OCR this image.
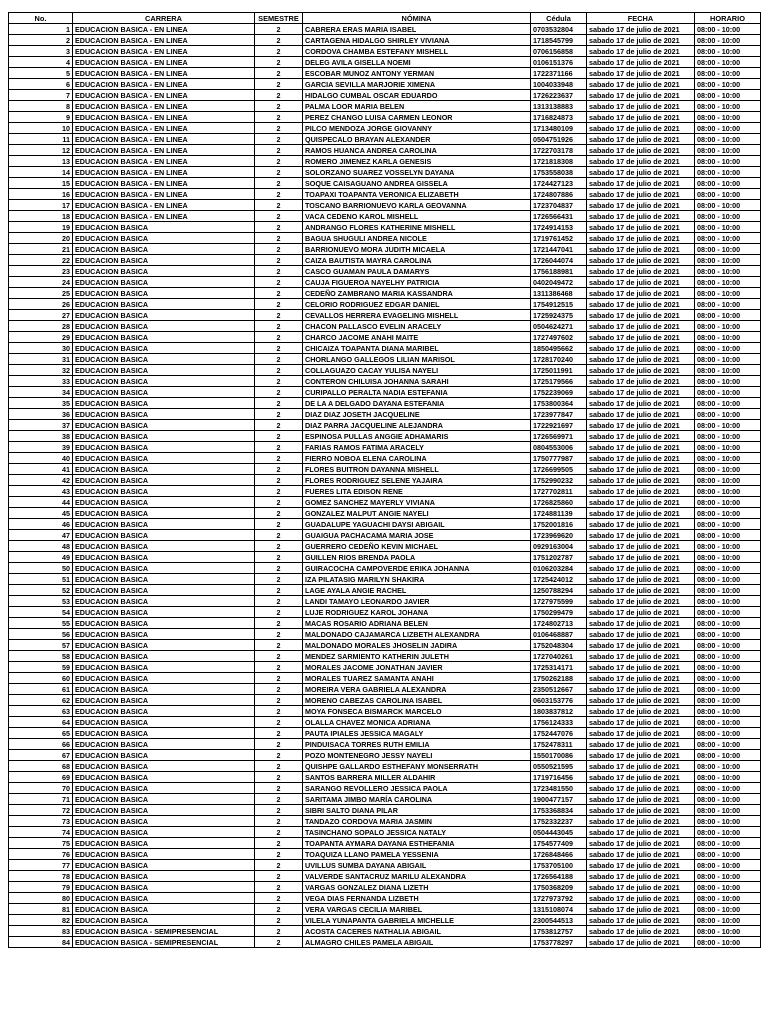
No.	CARRERA	SEMESTRE	NÓMINA	Cédula	FECHA	HORARIO
1	EDUCACION BASICA - EN LINEA	2	CABRERA ERAS MARIA ISABEL	0703532804	sabado 17 de julio de 2021	08:00 - 10:00
2	EDUCACION BASICA - EN LINEA	2	CARTAGENA HIDALGO SHIRLEY VIVIANA	1718545799	sabado 17 de julio de 2021	08:00 - 10:00
3	EDUCACION BASICA - EN LINEA	2	CORDOVA CHAMBA ESTEFANY MISHELL	0706156858	sabado 17 de julio de 2021	08:00 - 10:00
4	EDUCACION BASICA - EN LINEA	2	DELEG AVILA GISELLA NOEMI	0106151376	sabado 17 de julio de 2021	08:00 - 10:00
5	EDUCACION BASICA - EN LINEA	2	ESCOBAR MUNOZ ANTONY YERMAN	1722371166	sabado 17 de julio de 2021	08:00 - 10:00
6	EDUCACION BASICA - EN LINEA	2	GARCIA SEVILLA MARJORIE XIMENA	1004033948	sabado 17 de julio de 2021	08:00 - 10:00
7	EDUCACION BASICA - EN LINEA	2	HIDALGO CUMBAL OSCAR EDUARDO	1726223637	sabado 17 de julio de 2021	08:00 - 10:00
8	EDUCACION BASICA - EN LINEA	2	PALMA LOOR MARIA BELEN	1313138883	sabado 17 de julio de 2021	08:00 - 10:00
9	EDUCACION BASICA - EN LINEA	2	PEREZ CHANGO LUISA CARMEN LEONOR	1716824873	sabado 17 de julio de 2021	08:00 - 10:00
10	EDUCACION BASICA - EN LINEA	2	PILCO MENDOZA JORGE GIOVANNY	1713480109	sabado 17 de julio de 2021	08:00 - 10:00
11	EDUCACION BASICA - EN LINEA	2	QUISPECALO BRAYAN ALEXANDER	0504751926	sabado 17 de julio de 2021	08:00 - 10:00
12	EDUCACION BASICA - EN LINEA	2	RAMOS HUANCA ANDREA CAROLINA	1722703178	sabado 17 de julio de 2021	08:00 - 10:00
13	EDUCACION BASICA - EN LINEA	2	ROMERO JIMENEZ KARLA GENESIS	1721818308	sabado 17 de julio de 2021	08:00 - 10:00
14	EDUCACION BASICA - EN LINEA	2	SOLORZANO SUAREZ VOSSELYN DAYANA	1753558038	sabado 17 de julio de 2021	08:00 - 10:00
15	EDUCACION BASICA - EN LINEA	2	SOQUE CAISAGUANO ANDREA GISSELA	1724427123	sabado 17 de julio de 2021	08:00 - 10:00
16	EDUCACION BASICA - EN LINEA	2	TOAPAXI TOAPANTA VERONICA ELIZABETH	1724807886	sabado 17 de julio de 2021	08:00 - 10:00
17	EDUCACION BASICA - EN LINEA	2	TOSCANO BARRIONUEVO KARLA GEOVANNA	1723704837	sabado 17 de julio de 2021	08:00 - 10:00
18	EDUCACION BASICA - EN LINEA	2	VACA CEDENO KAROL MISHELL	1726566431	sabado 17 de julio de 2021	08:00 - 10:00
19	EDUCACION BASICA	2	ANDRANGO FLORES KATHERINE MISHELL	1724914153	sabado 17 de julio de 2021	08:00 - 10:00
20	EDUCACION BASICA	2	BAGUA SHUGULI ANDREA NICOLE	1719761452	sabado 17 de julio de 2021	08:00 - 10:00
21	EDUCACION BASICA	2	BARRIONUEVO MORA JUDITH MICAELA	1721447041	sabado 17 de julio de 2021	08:00 - 10:00
22	EDUCACION BASICA	2	CAIZA BAUTISTA MAYRA CAROLINA	1726044074	sabado 17 de julio de 2021	08:00 - 10:00
23	EDUCACION BASICA	2	CASCO GUAMAN PAULA DAMARYS	1756188981	sabado 17 de julio de 2021	08:00 - 10:00
24	EDUCACION BASICA	2	CAUJA FIGUEROA NAYELHY PATRICIA	0402049472	sabado 17 de julio de 2021	08:00 - 10:00
25	EDUCACION BASICA	2	CEDEÑO ZAMBRANO MARIA KASSANDRA	1311386468	sabado 17 de julio de 2021	08:00 - 10:00
26	EDUCACION BASICA	2	CELORIO RODRIGUEZ EDGAR DANIEL	1754912515	sabado 17 de julio de 2021	08:00 - 10:00
27	EDUCACION BASICA	2	CEVALLOS HERRERA EVAGELING MISHELL	1725924375	sabado 17 de julio de 2021	08:00 - 10:00
28	EDUCACION BASICA	2	CHACON PALLASCO EVELIN ARACELY	0504624271	sabado 17 de julio de 2021	08:00 - 10:00
29	EDUCACION BASICA	2	CHARCO JACOME ANAHI MAITE	1727497602	sabado 17 de julio de 2021	08:00 - 10:00
30	EDUCACION BASICA	2	CHICAIZA TOAPANTA DIANA MARIBEL	1850495662	sabado 17 de julio de 2021	08:00 - 10:00
31	EDUCACION BASICA	2	CHORLANGO GALLEGOS LILIAN MARISOL	1728170240	sabado 17 de julio de 2021	08:00 - 10:00
32	EDUCACION BASICA	2	COLLAGUAZO CACAY YULISA NAYELI	1725011991	sabado 17 de julio de 2021	08:00 - 10:00
33	EDUCACION BASICA	2	CONTERON CHILUISA JOHANNA SARAHI	1725179566	sabado 17 de julio de 2021	08:00 - 10:00
34	EDUCACION BASICA	2	CURIPALLO PERALTA NADIA ESTEFANIA	1752239069	sabado 17 de julio de 2021	08:00 - 10:00
35	EDUCACION BASICA	2	DE LA A DELGADO DAYANA ESTEFANIA	1753800364	sabado 17 de julio de 2021	08:00 - 10:00
36	EDUCACION BASICA	2	DIAZ DIAZ JOSETH JACQUELINE	1723977847	sabado 17 de julio de 2021	08:00 - 10:00
37	EDUCACION BASICA	2	DIAZ PARRA JACQUELINE ALEJANDRA	1722921697	sabado 17 de julio de 2021	08:00 - 10:00
38	EDUCACION BASICA	2	ESPINOSA PULLAS ANGGIE ADHAMARIS	1726569971	sabado 17 de julio de 2021	08:00 - 10:00
39	EDUCACION BASICA	2	FARIAS RAMOS FATIMA ARACELY	0804553006	sabado 17 de julio de 2021	08:00 - 10:00
40	EDUCACION BASICA	2	FIERRO NOBOA ELENA CAROLINA	1750777987	sabado 17 de julio de 2021	08:00 - 10:00
41	EDUCACION BASICA	2	FLORES BUITRON DAYANNA MISHELL	1726699505	sabado 17 de julio de 2021	08:00 - 10:00
42	EDUCACION BASICA	2	FLORES RODRIGUEZ SELENE YAJAIRA	1752990232	sabado 17 de julio de 2021	08:00 - 10:00
43	EDUCACION BASICA	2	FUERES LITA EDISON RENE	1727702811	sabado 17 de julio de 2021	08:00 - 10:00
44	EDUCACION BASICA	2	GOMEZ SANCHEZ MAYERLY VIVIANA	1726825860	sabado 17 de julio de 2021	08:00 - 10:00
45	EDUCACION BASICA	2	GONZALEZ MALPUT ANGIE NAYELI	1724881139	sabado 17 de julio de 2021	08:00 - 10:00
46	EDUCACION BASICA	2	GUADALUPE YAGUACHI DAYSI ABIGAIL	1752001816	sabado 17 de julio de 2021	08:00 - 10:00
47	EDUCACION BASICA	2	GUAIGUA PACHACAMA MARIA JOSE	1723969620	sabado 17 de julio de 2021	08:00 - 10:00
48	EDUCACION BASICA	2	GUERRERO CEDEÑO KEVIN MICHAEL	0929163004	sabado 17 de julio de 2021	08:00 - 10:00
49	EDUCACION BASICA	2	GUILLEN RIOS BRENDA PAOLA	1751202787	sabado 17 de julio de 2021	08:00 - 10:00
50	EDUCACION BASICA	2	GUIRACOCHA CAMPOVERDE ERIKA JOHANNA	0106203284	sabado 17 de julio de 2021	08:00 - 10:00
51	EDUCACION BASICA	2	IZA PILATASIG MARILYN SHAKIRA	1725424012	sabado 17 de julio de 2021	08:00 - 10:00
52	EDUCACION BASICA	2	LAGE AYALA ANGIE RACHEL	1250788294	sabado 17 de julio de 2021	08:00 - 10:00
53	EDUCACION BASICA	2	LANDI TAMAYO LEONARDO JAVIER	1727975599	sabado 17 de julio de 2021	08:00 - 10:00
54	EDUCACION BASICA	2	LUJE RODRIGUEZ KAROL JOHANA	1750299479	sabado 17 de julio de 2021	08:00 - 10:00
55	EDUCACION BASICA	2	MACAS ROSARIO ADRIANA BELEN	1724802713	sabado 17 de julio de 2021	08:00 - 10:00
56	EDUCACION BASICA	2	MALDONADO CAJAMARCA LIZBETH ALEXANDRA	0106468887	sabado 17 de julio de 2021	08:00 - 10:00
57	EDUCACION BASICA	2	MALDONADO MORALES JHOSELIN JADIRA	1752048304	sabado 17 de julio de 2021	08:00 - 10:00
58	EDUCACION BASICA	2	MENDEZ SARMIENTO KATHERIN JULETH	1727040261	sabado 17 de julio de 2021	08:00 - 10:00
59	EDUCACION BASICA	2	MORALES JACOME JONATHAN JAVIER	1725314171	sabado 17 de julio de 2021	08:00 - 10:00
60	EDUCACION BASICA	2	MORALES TUAREZ SAMANTA ANAHI	1750262188	sabado 17 de julio de 2021	08:00 - 10:00
61	EDUCACION BASICA	2	MOREIRA VERA GABRIELA ALEXANDRA	2350512667	sabado 17 de julio de 2021	08:00 - 10:00
62	EDUCACION BASICA	2	MORENO CABEZAS CAROLINA ISABEL	0603153776	sabado 17 de julio de 2021	08:00 - 10:00
63	EDUCACION BASICA	2	MOYA FONSECA BISMARCK MARCELO	1803837812	sabado 17 de julio de 2021	08:00 - 10:00
64	EDUCACION BASICA	2	OLALLA CHAVEZ MONICA ADRIANA	1756124333	sabado 17 de julio de 2021	08:00 - 10:00
65	EDUCACION BASICA	2	PAUTA IPIALES JESSICA MAGALY	1752447076	sabado 17 de julio de 2021	08:00 - 10:00
66	EDUCACION BASICA	2	PINDUISACA TORRES RUTH EMILIA	1752478311	sabado 17 de julio de 2021	08:00 - 10:00
67	EDUCACION BASICA	2	POZO MONTENEGRO JESSY NAYELI	1550170086	sabado 17 de julio de 2021	08:00 - 10:00
68	EDUCACION BASICA	2	QUISHPE GALLARDO ESTHEFANY MONSERRATH	0550521595	sabado 17 de julio de 2021	08:00 - 10:00
69	EDUCACION BASICA	2	SANTOS BARRERA MILLER ALDAHIR	1719716456	sabado 17 de julio de 2021	08:00 - 10:00
70	EDUCACION BASICA	2	SARANGO REVOLLERO JESSICA PAOLA	1723481550	sabado 17 de julio de 2021	08:00 - 10:00
71	EDUCACION BASICA	2	SARITAMA JIMBO MARÍA CAROLINA	1900477157	sabado 17 de julio de 2021	08:00 - 10:00
72	EDUCACION BASICA	2	SIBRI SALTO DIANA PILAR	1753368834	sabado 17 de julio de 2021	08:00 - 10:00
73	EDUCACION BASICA	2	TANDAZO CORDOVA MARIA JASMIN	1752332237	sabado 17 de julio de 2021	08:00 - 10:00
74	EDUCACION BASICA	2	TASINCHANO SOPALO JESSICA NATALY	0504443045	sabado 17 de julio de 2021	08:00 - 10:00
75	EDUCACION BASICA	2	TOAPANTA AYMARA DAYANA ESTHEFANIA	1754577409	sabado 17 de julio de 2021	08:00 - 10:00
76	EDUCACION BASICA	2	TOAQUIZA LLANO PAMELA YESSENIA	1726848466	sabado 17 de julio de 2021	08:00 - 10:00
77	EDUCACION BASICA	2	UVILLUS SUMBA DAYANA ABIGAIL	1753705100	sabado 17 de julio de 2021	08:00 - 10:00
78	EDUCACION BASICA	2	VALVERDE SANTACRUZ MARILU ALEXANDRA	1726564188	sabado 17 de julio de 2021	08:00 - 10:00
79	EDUCACION BASICA	2	VARGAS GONZALEZ DIANA LIZETH	1750368209	sabado 17 de julio de 2021	08:00 - 10:00
80	EDUCACION BASICA	2	VEGA DIAS FERNANDA LIZBETH	1727973792	sabado 17 de julio de 2021	08:00 - 10:00
81	EDUCACION BASICA	2	VERA VARGAS CECILIA MARIBEL	1315108074	sabado 17 de julio de 2021	08:00 - 10:00
82	EDUCACION BASICA	2	VILELA YUNAPANTA GABRIELA MICHELLE	2300544513	sabado 17 de julio de 2021	08:00 - 10:00
83	EDUCACION BASICA - SEMIPRESENCIAL	2	ACOSTA CACERES NATHALIA ABIGAIL	1753812757	sabado 17 de julio de 2021	08:00 - 10:00
84	EDUCACION BASICA - SEMIPRESENCIAL	2	ALMAGRO CHILES PAMELA ABIGAIL	1753778297	sabado 17 de julio de 2021	08:00 - 10:00
